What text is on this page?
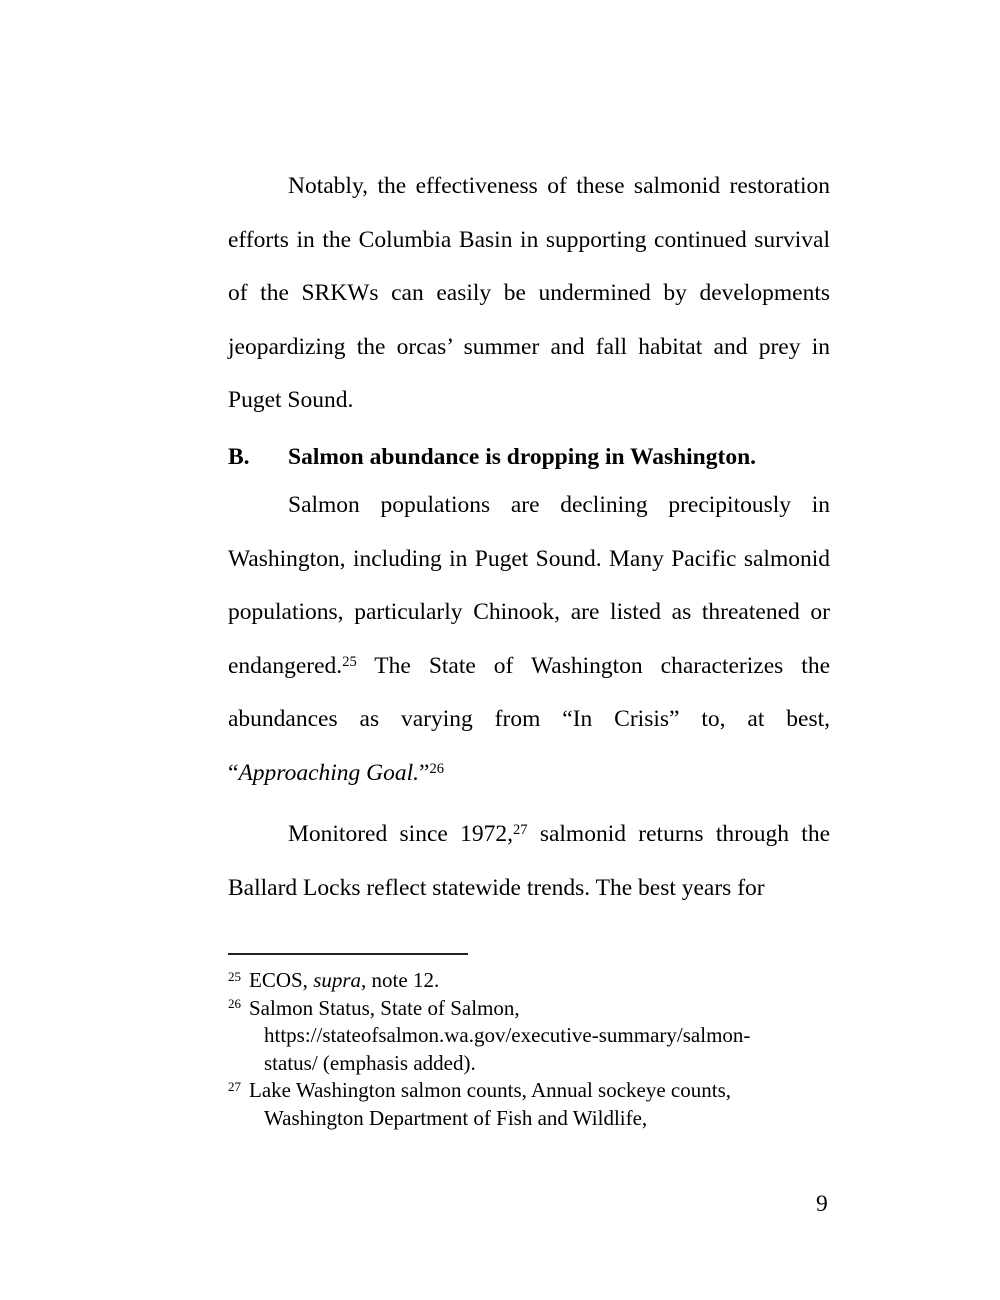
Notably, the effectiveness of these salmonid restoration efforts in the Columbia Basin in supporting continued survival of the SRKWs can easily be undermined by developments jeopardizing the orcas’ summer and fall habitat and prey in Puget Sound.

B.	Salmon abundance is dropping in Washington.

Salmon populations are declining precipitously in Washington, including in Puget Sound. Many Pacific salmonid populations, particularly Chinook, are listed as threatened or endangered.$^{25}$ The State of Washington characterizes the abundances as varying from “In Crisis” to, at best, “Approaching Goal.”$^{26}$

Monitored since 1972,27 salmonid returns through the Ballard Locks reflect statewide trends. The best years for

$^{25}$ ECOS, supra, note 12.
$^{26}$ Salmon Status, State of Salmon,
https://stateofsalmon.wa.gov/executive-summary/salmon-
status/ (emphasis added).
$^{27}$ Lake Washington salmon counts, Annual sockeye counts,
Washington Department of Fish and Wildlife,
9
